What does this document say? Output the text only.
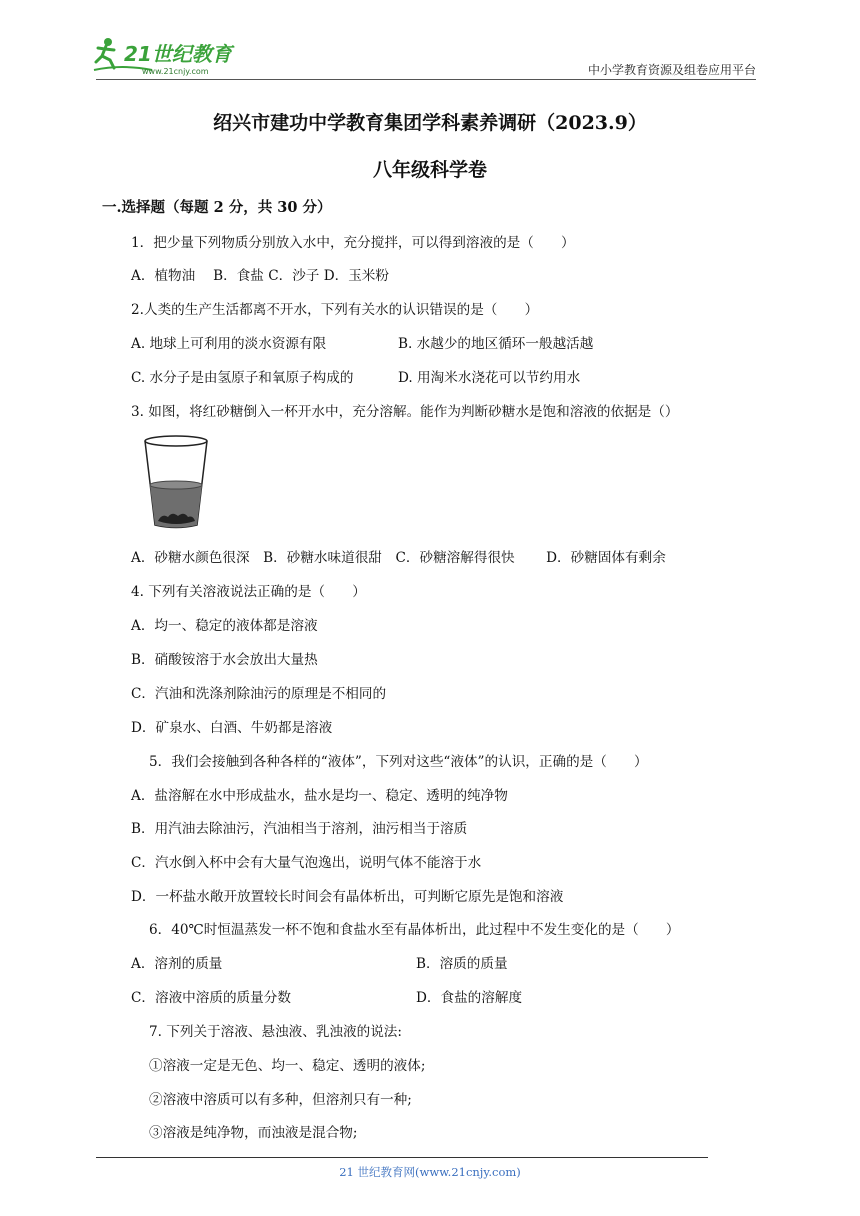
21世纪教育
www.21cnjy.com	中小学教育资源及组卷应用平台
绍兴市建功中学教育集团学科素养调研（2023.9）
八年级科学卷
一.选择题（每题 2 分，共 30 分）
1．把少量下列物质分别放入水中，充分搅拌，可以得到溶液的是（　　）
A．植物油　 B．食盐 C．沙子 D．玉米粉
2.人类的生产生活都离不开水，下列有关水的认识错误的是（　　）
A. 地球上可利用的淡水资源有限	B. 水越少的地区循环一般越活越
C. 水分子是由氢原子和氧原子构成的	D. 用淘米水浇花可以节约用水
3. 如图，将红砂糖倒入一杯开水中，充分溶解。能作为判断砂糖水是饱和溶液的依据是（）
A．砂糖水颜色很深　B．砂糖水味道很甜　C．砂糖溶解得很快　　 D．砂糖固体有剩余
4. 下列有关溶液说法正确的是（　　）
A．均一、稳定的液体都是溶液
B．硝酸铵溶于水会放出大量热
C．汽油和洗涤剂除油污的原理是不相同的
D．矿泉水、白酒、牛奶都是溶液
5．我们会接触到各种各样的“液体”，下列对这些“液体”的认识，正确的是（　　）
A．盐溶解在水中形成盐水，盐水是均一、稳定、透明的纯净物
B．用汽油去除油污，汽油相当于溶剂，油污相当于溶质
C．汽水倒入杯中会有大量气泡逸出，说明气体不能溶于水
D．一杯盐水敞开放置较长时间会有晶体析出，可判断它原先是饱和溶液
6．40℃时恒温蒸发一杯不饱和食盐水至有晶体析出，此过程中不发生变化的是（　　）
A．溶剂的质量	B．溶质的质量
C．溶液中溶质的质量分数	D．食盐的溶解度
7. 下列关于溶液、悬浊液、乳浊液的说法:
①溶液一定是无色、均一、稳定、透明的液体;
②溶液中溶质可以有多种，但溶剂只有一种;
③溶液是纯净物，而浊液是混合物;
21 世纪教育网(www.21cnjy.com)
